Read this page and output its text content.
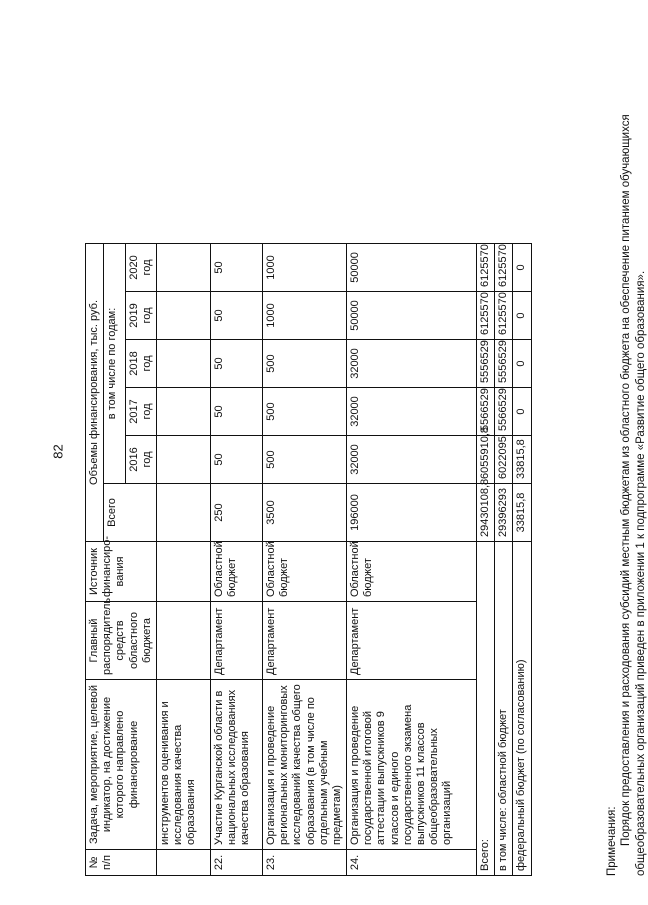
82
№ п/п	Задача, мероприятие, целевой индикатор, на достижение которого направлено финансирование	Главный распорядитель средств областного бюджета	Источник финансиро-вания	Объемы финансирования, тыс. руб.							
				Всего	в том числе по годам:						
					2016 год	2017 год	2018 год	2019 год	2020 год		
	инструментов оценивания и исследования качества образования										
22.	Участие Курганской области в национальных исследованиях качества образования	Департамент	Областной бюджет	250	50	50	50	50	50		
23.	Организация и проведение региональных мониторинговых исследований качества общего образования (в том числе по отдельным учебным предметам)	Департамент	Областной бюджет	3500	500	500	500	1000	1000		
24.	Организация и проведение государственной итоговой аттестации выпускников 9 классов и единого государственного экзамена выпускников 11 классов общеобразовательных организаций	Департамент	Областной бюджет	196000	32000	32000	32000	50000	50000		
Всего:				29430108,8	6055910,8	5566529	5556529	6125570	6125570		
в том числе: областной бюджет				29396293	6022095	5566529	5556529	6125570	6125570		
федеральный бюджет (по согласованию)				33815,8	33815,8	0	0	0	0		

Примечания: Порядок предоставления и расходования субсидий местным бюджетам из областного бюджета на обеспечение питанием обучающихся общеобразовательных организаций приведен в приложении 1 к подпрограмме «Развитие общего образования».
